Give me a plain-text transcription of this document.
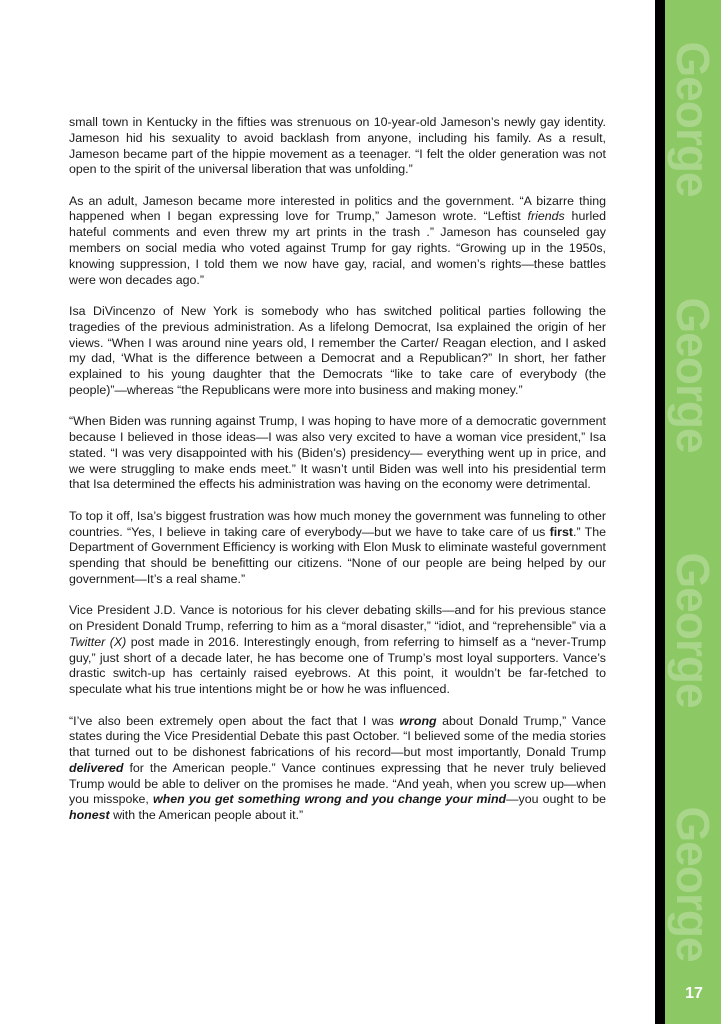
George
George
George
George
17

small town in Kentucky in the fifties was strenuous on 10-year-old Jameson’s newly gay identity. Jameson hid his sexuality to avoid backlash from anyone, including his family. As a result, Jameson became part of the hippie movement as a teenager. “I felt the older generation was not open to the spirit of the universal liberation that was unfolding.”

As an adult, Jameson became more interested in politics and the government. “A bizarre thing happened when I began expressing love for Trump,” Jameson wrote. “Leftist friends hurled hateful comments and even threw my art prints in the trash .” Jameson has counseled gay members on social media who voted against Trump for gay rights. “Growing up in the 1950s, knowing suppression, I told them we now have gay, racial, and women’s rights—these battles were won decades ago.”

Isa DiVincenzo of New York is somebody who has switched political parties following the tragedies of the previous administration. As a lifelong Democrat, Isa explained the origin of her views. “When I was around nine years old, I remember the Carter/ Reagan election, and I asked my dad, ‘What is the difference between a Democrat and a Republican?” In short, her father explained to his young daughter that the Democrats “like to take care of everybody (the people)”—whereas “the Republicans were more into business and making money.”

“When Biden was running against Trump, I was hoping to have more of a democratic government because I believed in those ideas—I was also very excited to have a woman vice president,” Isa stated. “I was very disappointed with his (Biden’s) presidency— everything went up in price, and we were struggling to make ends meet.” It wasn’t until Biden was well into his presidential term that Isa determined the effects his administration was having on the economy were detrimental.

To top it off, Isa’s biggest frustration was how much money the government was funneling to other countries. “Yes, I believe in taking care of everybody—but we have to take care of us first.” The Department of Government Efficiency is working with Elon Musk to eliminate wasteful government spending that should be benefitting our citizens. “None of our people are being helped by our government—It’s a real shame.”

Vice President J.D. Vance is notorious for his clever debating skills—and for his previous stance on President Donald Trump, referring to him as a “moral disaster,” “idiot, and “reprehensible” via a Twitter (X) post made in 2016. Interestingly enough, from referring to himself as a “never-Trump guy,” just short of a decade later, he has become one of Trump’s most loyal supporters. Vance’s drastic switch-up has certainly raised eyebrows. At this point, it wouldn’t be far-fetched to speculate what his true intentions might be or how he was influenced.

“I’ve also been extremely open about the fact that I was wrong about Donald Trump,” Vance states during the Vice Presidential Debate this past October. “I believed some of the media stories that turned out to be dishonest fabrications of his record—but most importantly, Donald Trump delivered for the American people.” Vance continues expressing that he never truly believed Trump would be able to deliver on the promises he made. “And yeah, when you screw up—when you misspoke, when you get something wrong and you change your mind—you ought to be honest with the American people about it.”
